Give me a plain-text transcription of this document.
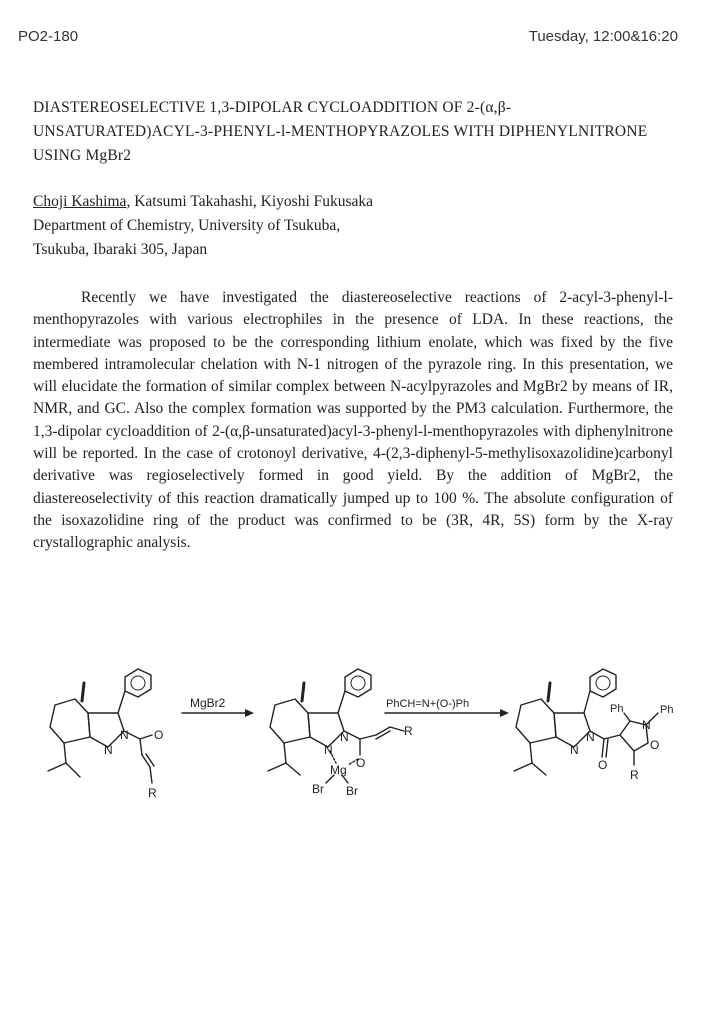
PO2-180	Tuesday, 12:00&16:20
DIASTEREOSELECTIVE 1,3-DIPOLAR CYCLOADDITION OF 2-(α,β-UNSATURATED)ACYL-3-PHENYL-l-MENTHOPYRAZOLES WITH DIPHENYLNITRONE USING MgBr2
Choji Kashima, Katsumi Takahashi, Kiyoshi Fukusaka
Department of Chemistry, University of Tsukuba,
Tsukuba, Ibaraki 305, Japan

Recently we have investigated the diastereoselective reactions of 2-acyl-3-phenyl-l-menthopyrazoles with various electrophiles in the presence of LDA. In these reactions, the intermediate was proposed to be the corresponding lithium enolate, which was fixed by the five membered intramolecular chelation with N-1 nitrogen of the pyrazole ring. In this presentation, we will elucidate the formation of similar complex between N-acylpyrazoles and MgBr2 by means of IR, NMR, and GC. Also the complex formation was supported by the PM3 calculation. Furthermore, the 1,3-dipolar cycloaddition of 2-(α,β-unsaturated)acyl-3-phenyl-l-menthopyrazoles with diphenylnitrone will be reported. In the case of crotonoyl derivative, 4-(2,3-diphenyl-5-methylisoxazolidine)carbonyl derivative was regioselectively formed in good yield. By the addition of MgBr2, the diastereoselectivity of this reaction dramatically jumped up to 100 %. The absolute configuration of the isoxazolidine ring of the product was confirmed to be (3R, 4R, 5S) form by the X-ray crystallographic analysis.

N
N O
R
MgBr2
N
N
O
R
Mg
Br Br
PhCH=N+(O-)Ph
N
N
O
Ph	Ph
N
O
R
